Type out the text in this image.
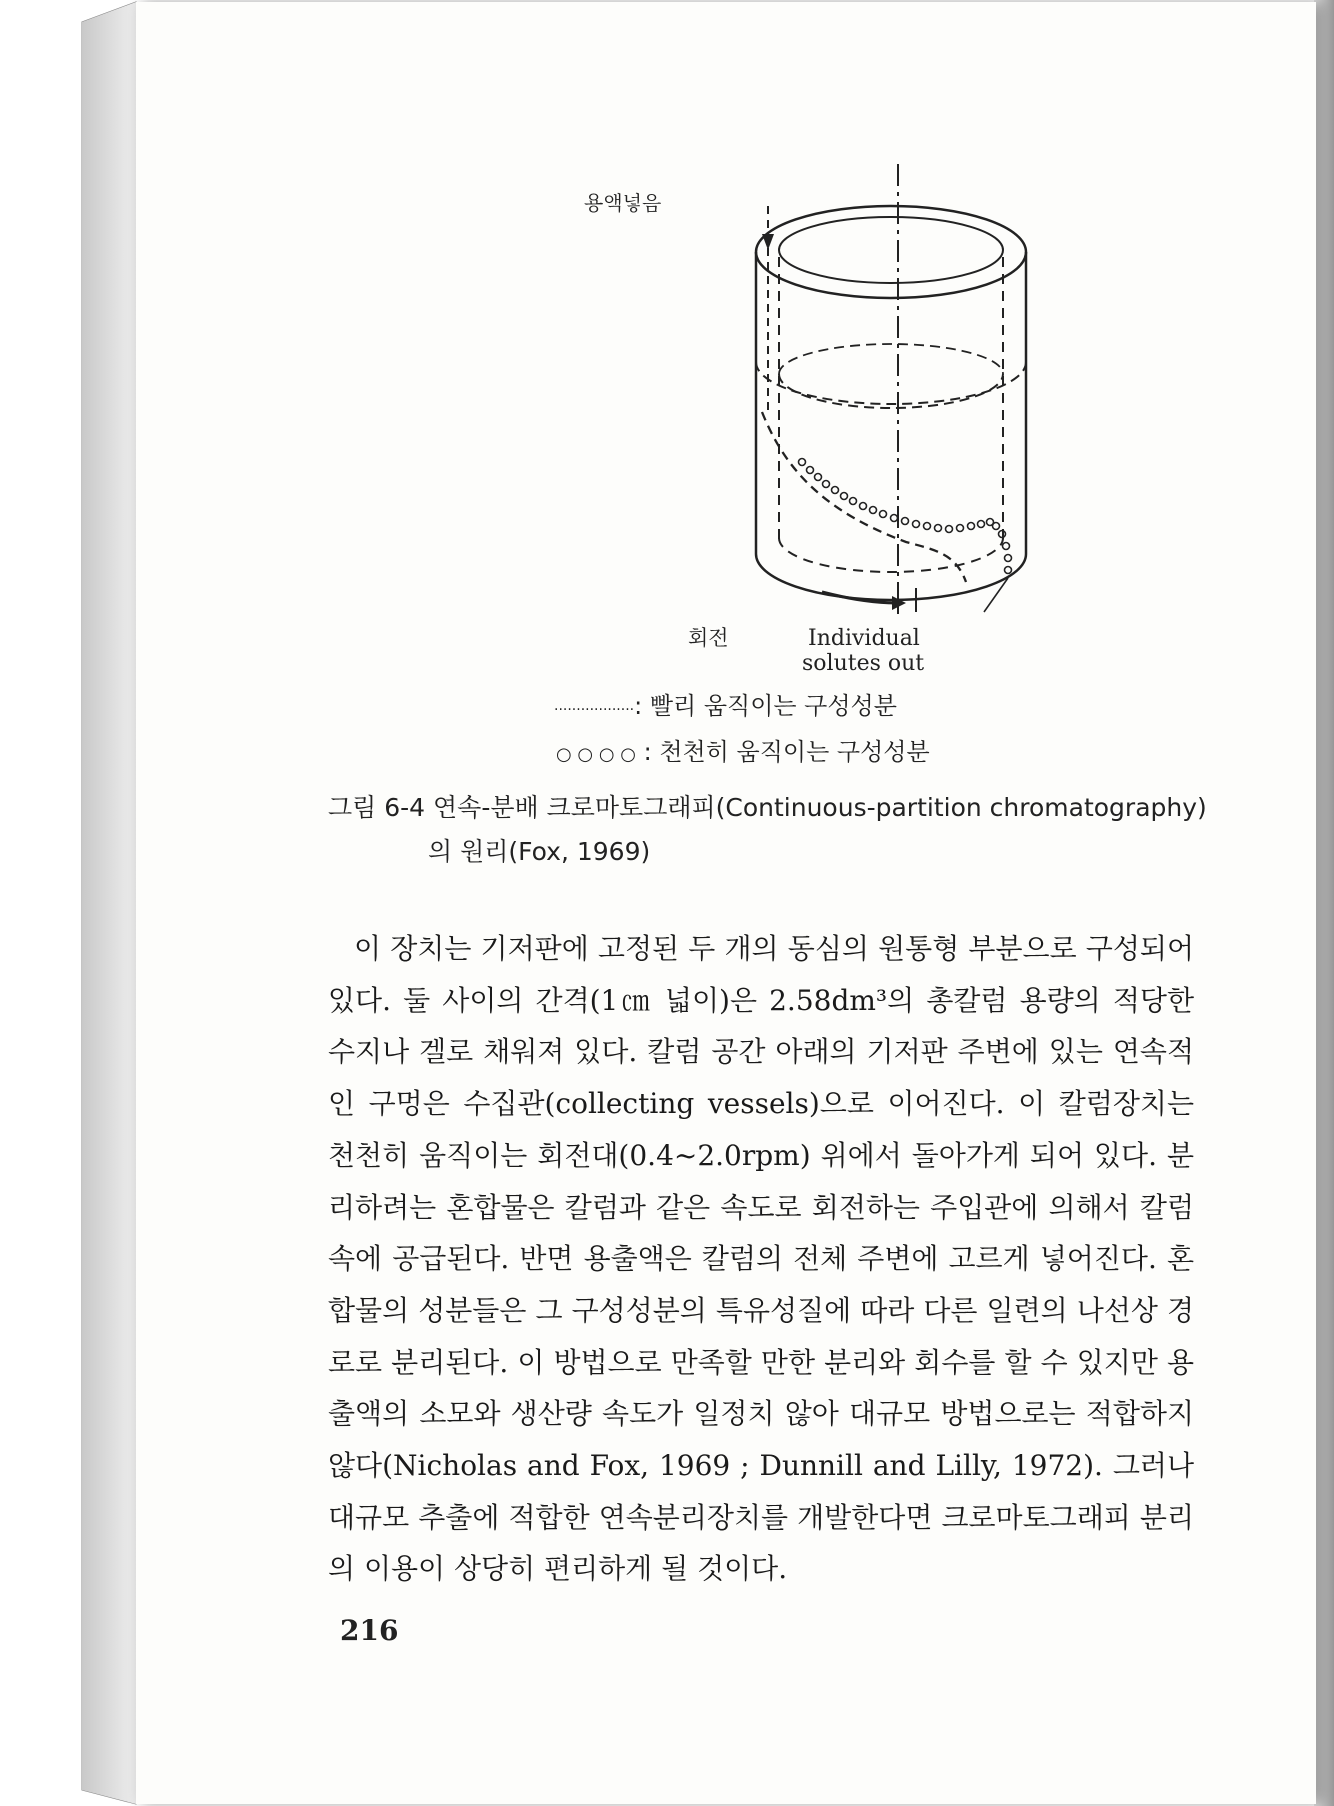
용액넣음
회전	Individual
solutes out
··················: 빨리 움직이는 구성성분
○ ○ ○ ○ : 천천히 움직이는 구성성분
그림 6-4 연속-분배 크로마토그래피(Continuous-partition chromatography)
의 원리(Fox, 1969)

이 장치는 기저판에 고정된 두 개의 동심의 원통형 부분으로 구성되어 있다. 둘 사이의 간격(1㎝ 넓이)은 2.58dm³의 총칼럼 용량의 적당한 수지나 겔로 채워져 있다. 칼럼 공간 아래의 기저판 주변에 있는 연속적인 구멍은 수집관(collecting vessels)으로 이어진다. 이 칼럼장치는 천천히 움직이는 회전대(0.4~2.0rpm) 위에서 돌아가게 되어 있다. 분리하려는 혼합물은 칼럼과 같은 속도로 회전하는 주입관에 의해서 칼럼 속에 공급된다. 반면 용출액은 칼럼의 전체 주변에 고르게 넣어진다. 혼합물의 성분들은 그 구성성분의 특유성질에 따라 다른 일련의 나선상 경로로 분리된다. 이 방법으로 만족할 만한 분리와 회수를 할 수 있지만 용출액의 소모와 생산량 속도가 일정치 않아 대규모 방법으로는 적합하지 않다(Nicholas and Fox, 1969 ; Dunnill and Lilly, 1972). 그러나 대규모 추출에 적합한 연속분리장치를 개발한다면 크로마토그래피 분리의 이용이 상당히 편리하게 될 것이다.

216
